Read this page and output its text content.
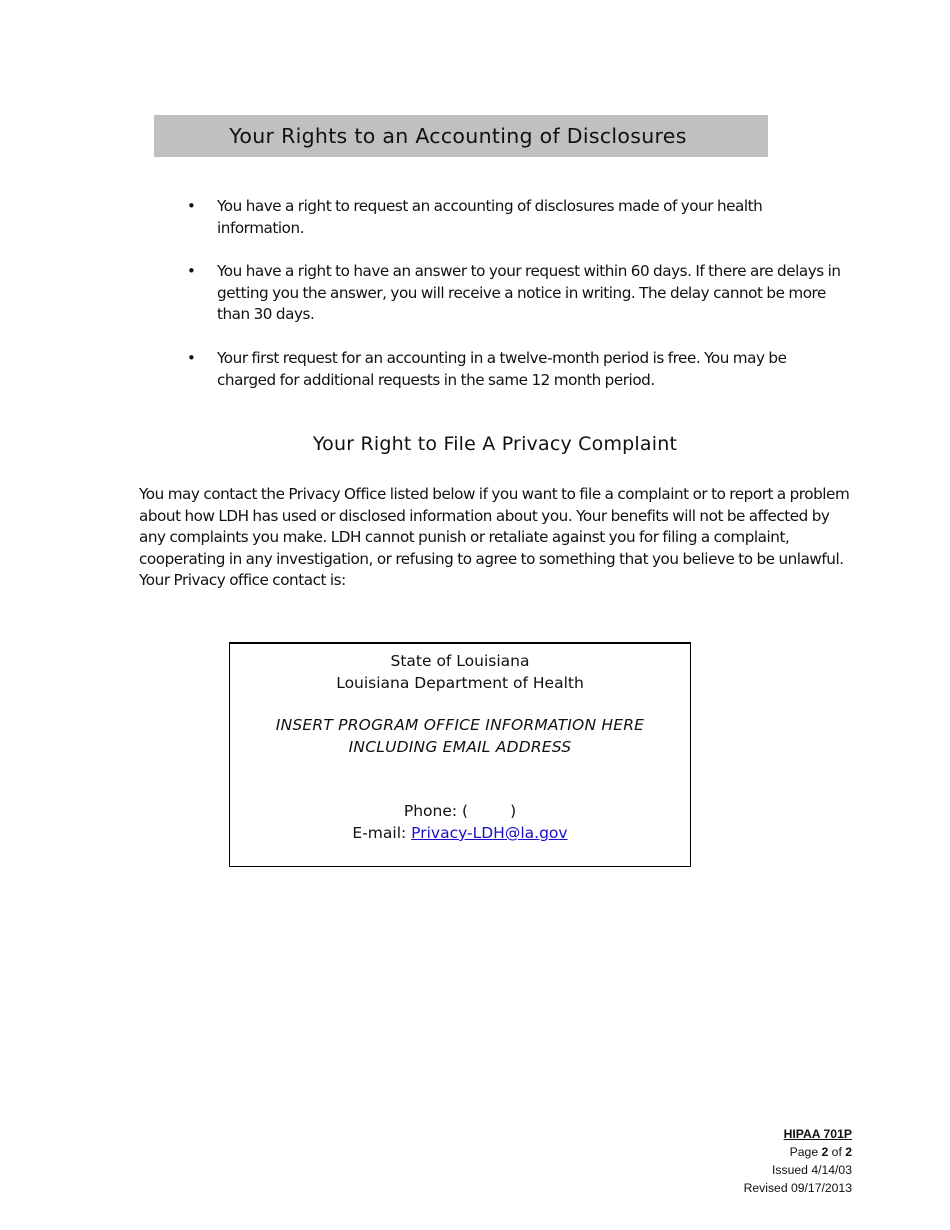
Your Rights to an Accounting of Disclosures
• You have a right to request an accounting of disclosures made of your health information.
• You have a right to have an answer to your request within 60 days. If there are delays in getting you the answer, you will receive a notice in writing. The delay cannot be more than 30 days.
• Your first request for an accounting in a twelve-month period is free. You may be charged for additional requests in the same 12 month period.
Your Right to File A Privacy Complaint

You may contact the Privacy Office listed below if you want to file a complaint or to report a problem about how LDH has used or disclosed information about you. Your benefits will not be affected by any complaints you make. LDH cannot punish or retaliate against you for filing a complaint, cooperating in any investigation, or refusing to agree to something that you believe to be unlawful. Your Privacy office contact is:

State of Louisiana
Louisiana Department of Health
INSERT PROGRAM OFFICE INFORMATION HERE
INCLUDING EMAIL ADDRESS
Phone: (	)
E-mail: Privacy-LDH@la.gov
HIPAA 701P
Page 2 of 2
Issued 4/14/03
Revised 09/17/2013
